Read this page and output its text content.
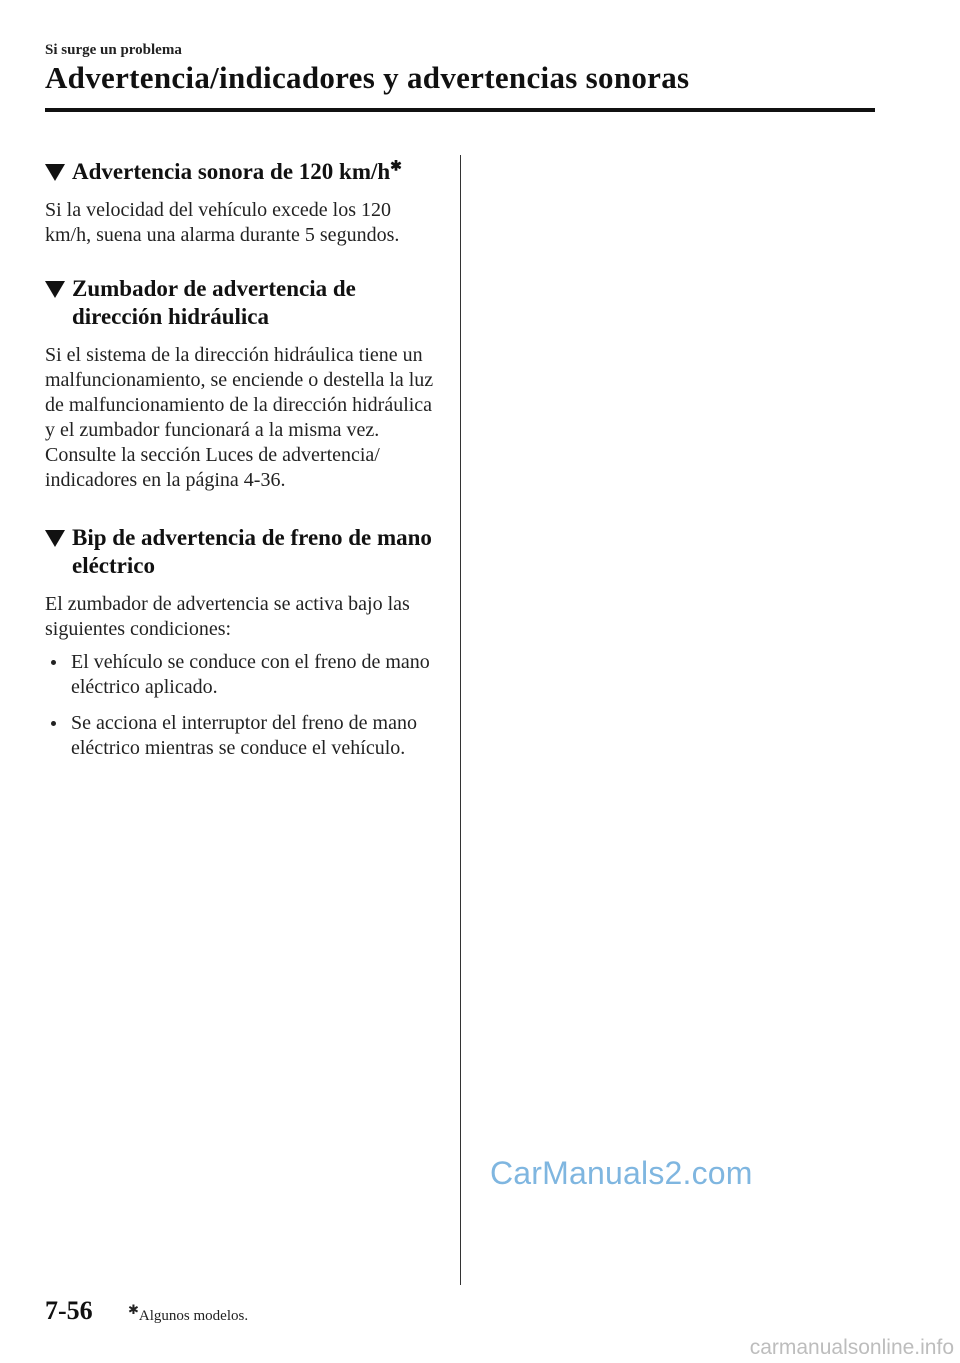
Si surge un problema
Advertencia/indicadores y advertencias sonoras
Advertencia sonora de 120 km/h✱

Si la velocidad del vehículo excede los 120 km/h, suena una alarma durante 5 segundos.

Zumbador de advertencia de dirección hidráulica

Si el sistema de la dirección hidráulica tiene un malfuncionamiento, se enciende o destella la luz de malfuncionamiento de la dirección hidráulica y el zumbador funcionará a la misma vez.

Consulte la sección Luces de advertencia/ indicadores en la página 4-36.

Bip de advertencia de freno de mano eléctrico

El zumbador de advertencia se activa bajo las siguientes condiciones:

El vehículo se conduce con el freno de mano eléctrico aplicado.
Se acciona el interruptor del freno de mano eléctrico mientras se conduce el vehículo.
7-56	✱Algunos modelos.
CarManuals2.com
carmanualsonline.info
